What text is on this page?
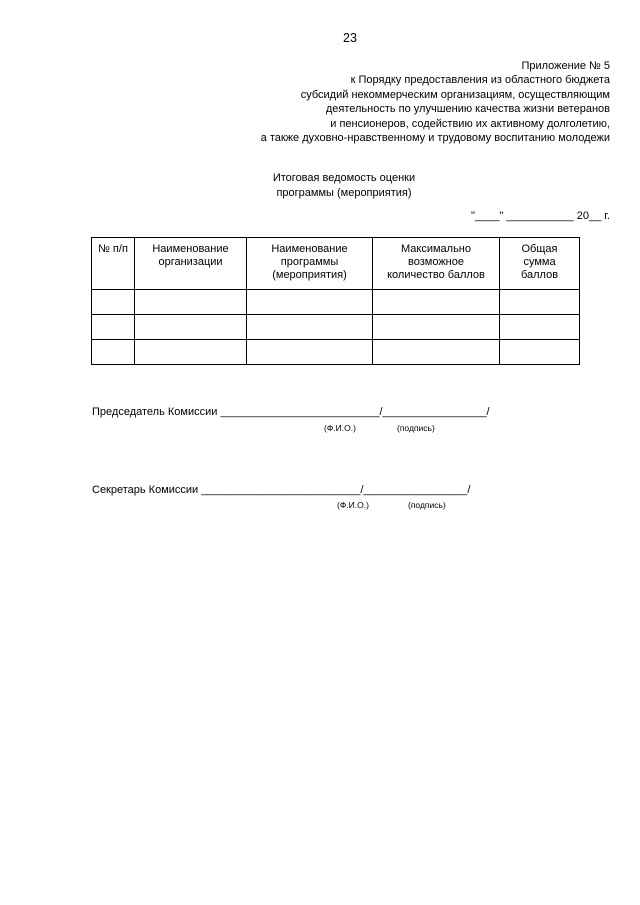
23
Приложение № 5
к Порядку предоставления из областного бюджета
субсидий некоммерческим организациям, осуществляющим
деятельность по улучшению качества жизни ветеранов
и пенсионеров, содействию их активному долголетию,
а также духовно-нравственному и трудовому воспитанию молодежи
Итоговая ведомость оценки
программы (мероприятия)
"____" ___________ 20__ г.
№ п/п	Наименование организации	Наименование программы (мероприятия)	Максимально возможное количество баллов	Общая сумма баллов

Председатель Комиссии __________________________/_________________/
(Ф.И.О.)	(подпись)
Секретарь Комиссии __________________________/_________________/
(Ф.И.О.)	(подпись)
